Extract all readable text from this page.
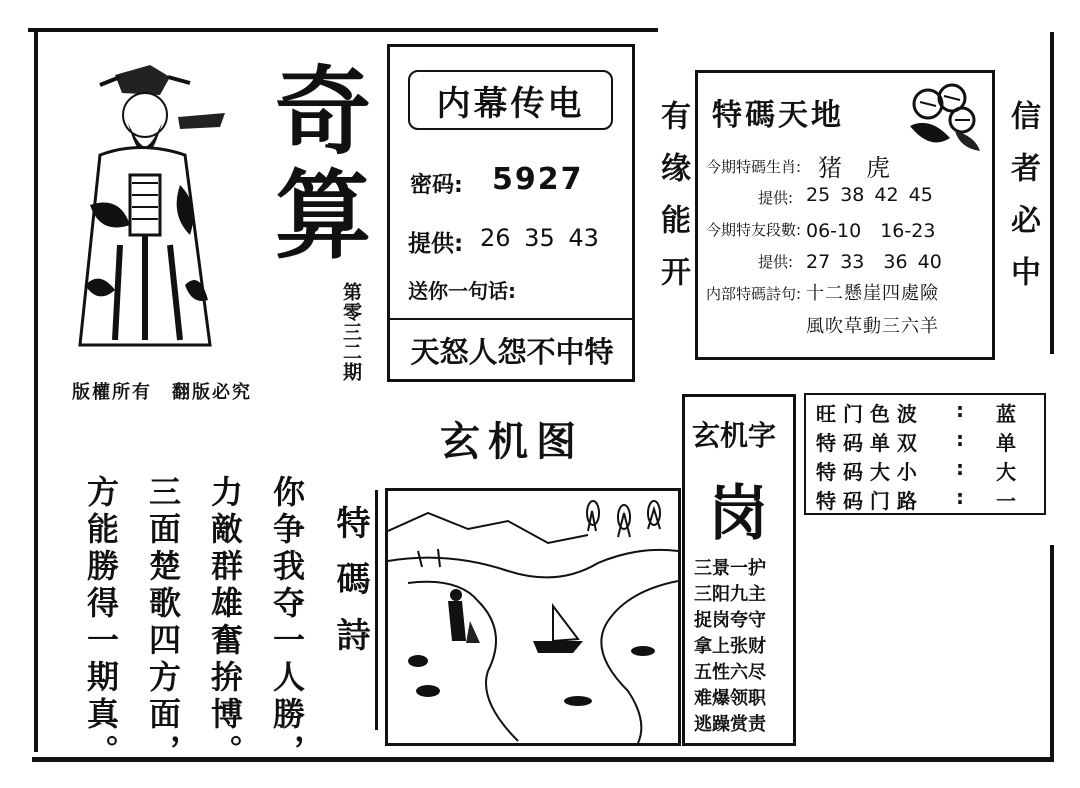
奇
算
第零三二期
版權所有　翻版必究
内幕传电
密码: 5927
提供: 26 35 43
送你一句话:
天怒人怨不中特
有缘能开	信者必中
特碼天地
今期特碼生肖: 猪　虎
提供: 25 38 42 45
今期特友段數: 06-10　16-23
提供: 27 33　36 40
内部特碼詩句: 十二懸崖四處險
風吹草動三六羊
旺 门 色 波	:	蓝
特 码 单 双	:	单
特 码 大 小	:	大
特 码 门 路	:	一
玄机图	玄机字
岗
三景一护
三阳九主
捉岗夸守
拿上张财
五性六尽
难爆领职
逃躁赏责
特碼詩
你争我夺一人勝，
力敵群雄奮拚博。
三面楚歌四方面，
方能勝得一期真。
